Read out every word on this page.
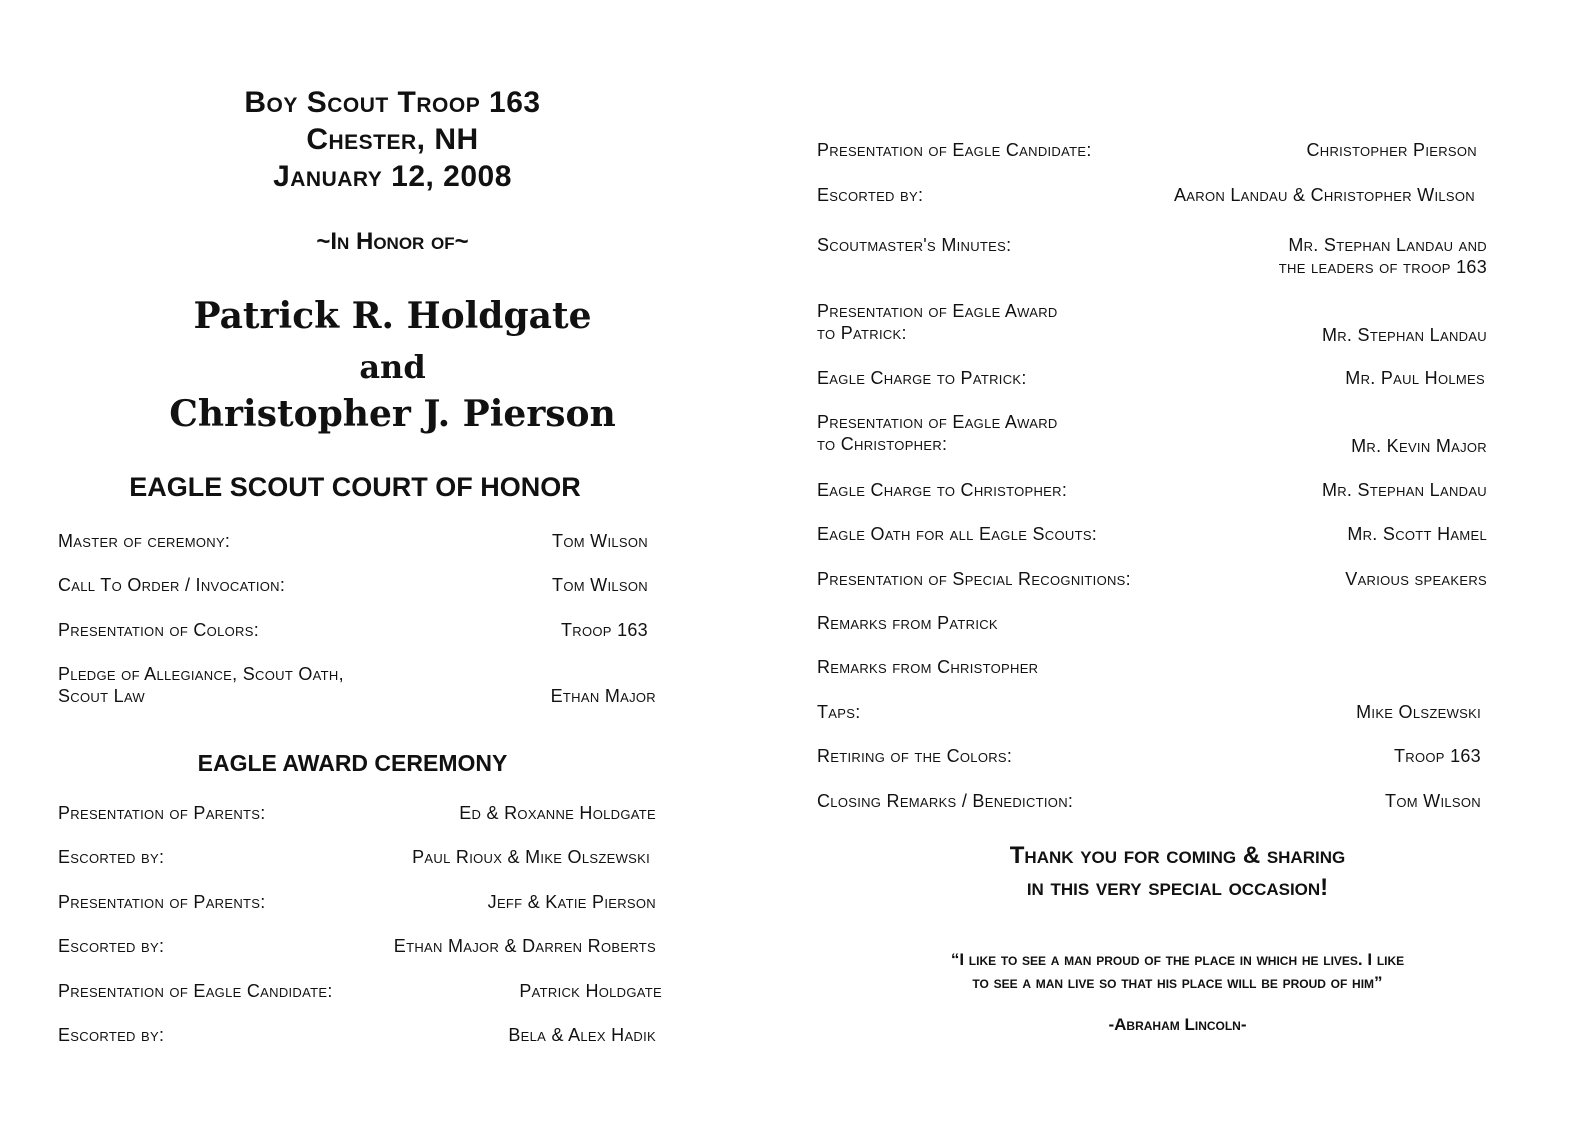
Boy Scout Troop 163
Chester, NH
January 12, 2008
~In Honor of~
Patrick R. Holdgate
and
Christopher J. Pierson
EAGLE SCOUT COURT OF HONOR
Master of ceremony:	Tom Wilson
Call To Order / Invocation:	Tom Wilson
Presentation of Colors:	Troop 163
Pledge of Allegiance, Scout Oath,
Scout Law	Ethan Major
EAGLE AWARD CEREMONY
Presentation of Parents:	Ed & Roxanne Holdgate
Escorted by:	Paul Rioux & Mike Olszewski
Presentation of Parents:	Jeff & Katie Pierson
Escorted by:	Ethan Major & Darren Roberts
Presentation of Eagle Candidate:	Patrick Holdgate
Escorted by:	Bela & Alex Hadik
Presentation of Eagle Candidate:	Christopher Pierson
Escorted by:	Aaron Landau & Christopher Wilson
Scoutmaster's Minutes:	Mr. Stephan Landau and
the leaders of troop 163
Presentation of Eagle Award
to Patrick:	Mr. Stephan Landau
Eagle Charge to Patrick:	Mr. Paul Holmes
Presentation of Eagle Award
to Christopher:	Mr. Kevin Major
Eagle Charge to Christopher:	Mr. Stephan Landau
Eagle Oath for all Eagle Scouts:	Mr. Scott Hamel
Presentation of Special Recognitions:	Various speakers
Remarks from Patrick
Remarks from Christopher
Taps:	Mike Olszewski
Retiring of the Colors:	Troop 163
Closing Remarks / Benediction:	Tom Wilson
Thank you for coming & sharing
in this very special occasion!
“I like to see a man proud of the place in which he lives. I like
to see a man live so that his place will be proud of him”
-Abraham Lincoln-
